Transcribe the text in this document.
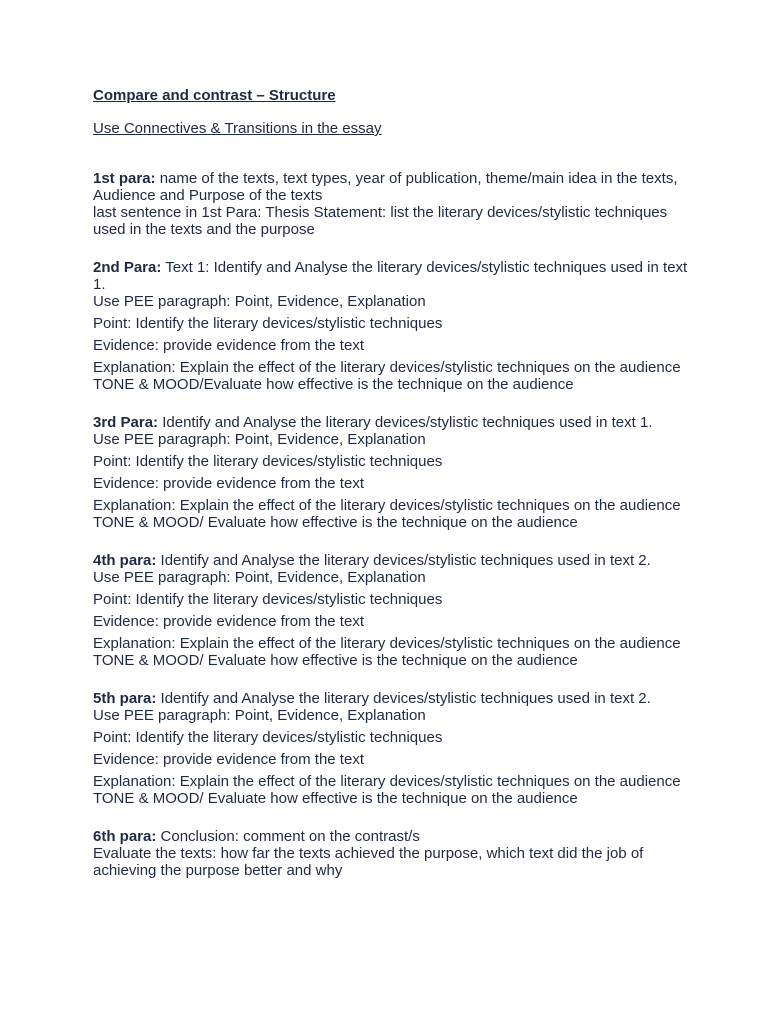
Compare and contrast – Structure

Use Connectives & Transitions in the essay

1st para: name of the texts, text types, year of publication, theme/main idea in the texts, Audience and Purpose of the texts

last sentence in 1st Para: Thesis Statement: list the literary devices/stylistic techniques used in the texts and the purpose

2nd Para: Text 1: Identify and Analyse the literary devices/stylistic techniques used in text 1.

Use PEE paragraph: Point, Evidence, Explanation

Point: Identify the literary devices/stylistic techniques

Evidence: provide evidence from the text

Explanation: Explain the effect of the literary devices/stylistic techniques on the audience TONE & MOOD/Evaluate how effective is the technique on the audience

3rd Para: Identify and Analyse the literary devices/stylistic techniques used in text 1.

Use PEE paragraph: Point, Evidence, Explanation

Point: Identify the literary devices/stylistic techniques

Evidence: provide evidence from the text

Explanation: Explain the effect of the literary devices/stylistic techniques on the audience TONE & MOOD/ Evaluate how effective is the technique on the audience

4th para: Identify and Analyse the literary devices/stylistic techniques used in text 2.

Use PEE paragraph: Point, Evidence, Explanation

Point: Identify the literary devices/stylistic techniques

Evidence: provide evidence from the text

Explanation: Explain the effect of the literary devices/stylistic techniques on the audience TONE & MOOD/ Evaluate how effective is the technique on the audience

5th para: Identify and Analyse the literary devices/stylistic techniques used in text 2.

Use PEE paragraph: Point, Evidence, Explanation

Point: Identify the literary devices/stylistic techniques

Evidence: provide evidence from the text

Explanation: Explain the effect of the literary devices/stylistic techniques on the audience TONE & MOOD/ Evaluate how effective is the technique on the audience

6th para: Conclusion: comment on the contrast/s

Evaluate the texts: how far the texts achieved the purpose, which text did the job of achieving the purpose better and why
